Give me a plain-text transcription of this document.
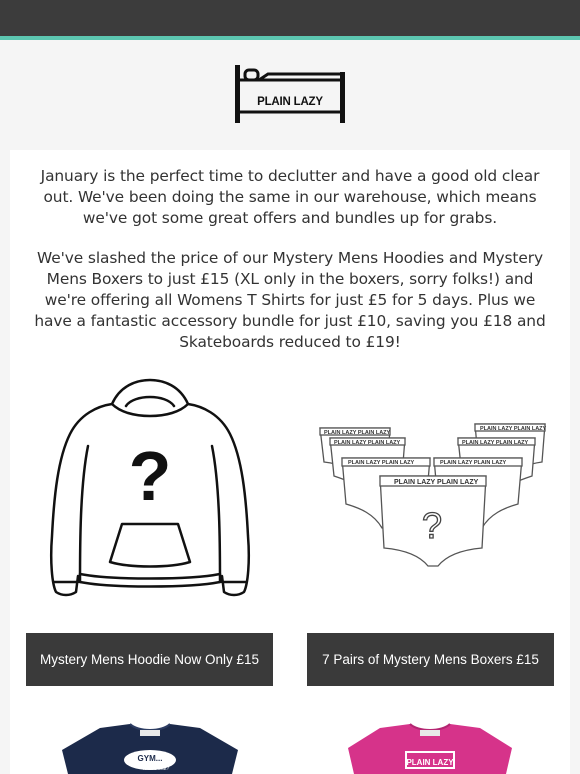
PLAIN LAZY

January is the perfect time to declutter and have a good old clear out. We've been doing the same in our warehouse, which means we've got some great offers and bundles up for grabs.

We've slashed the price of our Mystery Mens Hoodies and Mystery Mens Boxers to just £15 (XL only in the boxers, sorry folks!) and we're offering all Womens T Shirts for just £5 for 5 days. Plus we have a fantastic accessory bundle for just £10, saving you £18 and Skateboards reduced to £19!

?
PLAIN LAZY PLAIN LAZY
PLAIN LAZY PLAIN LAZY
PLAIN LAZY PLAIN LAZY	PLAIN LAZY PLAIN LAZY
PLAIN LAZY PLAIN LAZY	PLAIN LAZY PLAIN LAZY
PLAIN LAZY PLAIN LAZY
?
Mystery Mens Hoodie Now Only £15	7 Pairs of Mystery Mens Boxers £15
GYM...
what's that?
PLAIN LAZY
